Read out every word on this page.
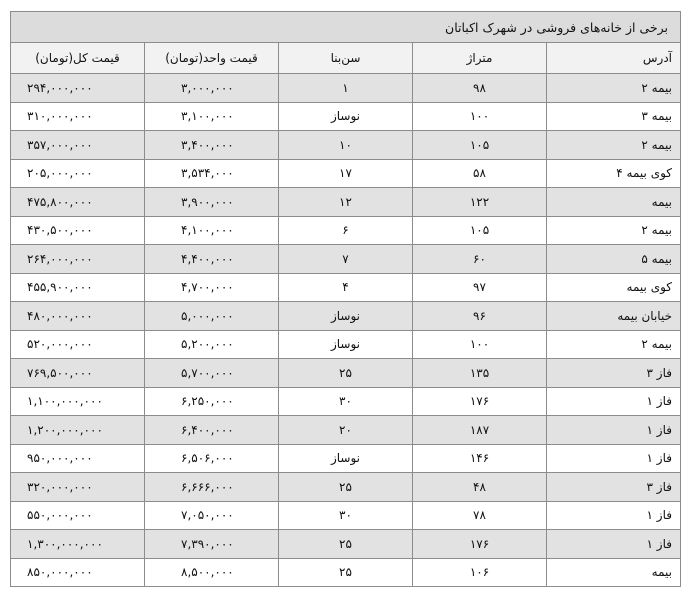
برخی از خانه‌های فروشی در شهرک اکباتان				
آدرس	متراژ	سن‌بنا	قیمت واحد(تومان)	قیمت کل(تومان)
بیمه ۲	۹۸	۱	۳,۰۰۰,۰۰۰	۲۹۴,۰۰۰,۰۰۰
بیمه ۳	۱۰۰	نوساز	۳,۱۰۰,۰۰۰	۳۱۰,۰۰۰,۰۰۰
بیمه ۲	۱۰۵	۱۰	۳,۴۰۰,۰۰۰	۳۵۷,۰۰۰,۰۰۰
کوی بیمه ۴	۵۸	۱۷	۳,۵۳۴,۰۰۰	۲۰۵,۰۰۰,۰۰۰
بیمه	۱۲۲	۱۲	۳,۹۰۰,۰۰۰	۴۷۵,۸۰۰,۰۰۰
بیمه ۲	۱۰۵	۶	۴,۱۰۰,۰۰۰	۴۳۰,۵۰۰,۰۰۰
بیمه ۵	۶۰	۷	۴,۴۰۰,۰۰۰	۲۶۴,۰۰۰,۰۰۰
کوی بیمه	۹۷	۴	۴,۷۰۰,۰۰۰	۴۵۵,۹۰۰,۰۰۰
خیابان بیمه	۹۶	نوساز	۵,۰۰۰,۰۰۰	۴۸۰,۰۰۰,۰۰۰
بیمه ۲	۱۰۰	نوساز	۵,۲۰۰,۰۰۰	۵۲۰,۰۰۰,۰۰۰
فاز ۳	۱۳۵	۲۵	۵,۷۰۰,۰۰۰	۷۶۹,۵۰۰,۰۰۰
فاز ۱	۱۷۶	۳۰	۶,۲۵۰,۰۰۰	۱,۱۰۰,۰۰۰,۰۰۰
فاز ۱	۱۸۷	۲۰	۶,۴۰۰,۰۰۰	۱,۲۰۰,۰۰۰,۰۰۰
فاز ۱	۱۴۶	نوساز	۶,۵۰۶,۰۰۰	۹۵۰,۰۰۰,۰۰۰
فاز ۳	۴۸	۲۵	۶,۶۶۶,۰۰۰	۳۲۰,۰۰۰,۰۰۰
فاز ۱	۷۸	۳۰	۷,۰۵۰,۰۰۰	۵۵۰,۰۰۰,۰۰۰
فاز ۱	۱۷۶	۲۵	۷,۳۹۰,۰۰۰	۱,۳۰۰,۰۰۰,۰۰۰
بیمه	۱۰۶	۲۵	۸,۵۰۰,۰۰۰	۸۵۰,۰۰۰,۰۰۰
